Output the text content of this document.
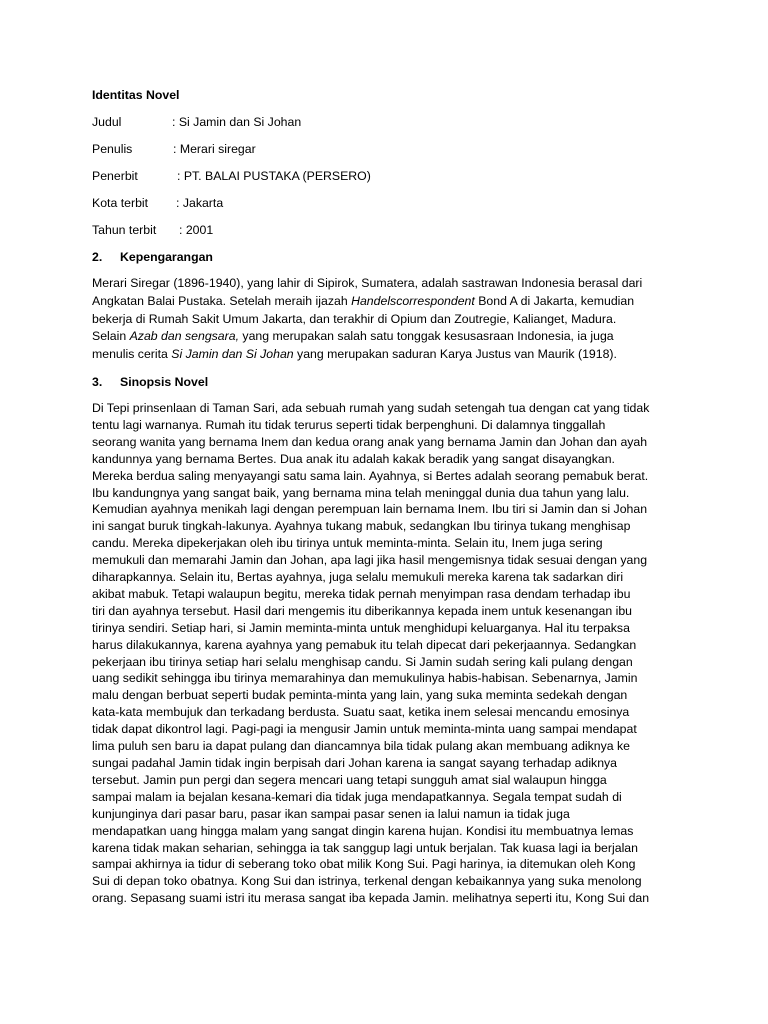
Identitas Novel
Judul	: Si Jamin dan Si Johan
Penulis	: Merari siregar
Penerbit	: PT. BALAI PUSTAKA (PERSERO)
Kota terbit	: Jakarta
Tahun terbit	: 2001
2.	Kepengarangan
Merari Siregar (1896-1940), yang lahir di Sipirok, Sumatera, adalah sastrawan Indonesia berasal dari
Angkatan Balai Pustaka. Setelah meraih ijazah Handelscorrespondent Bond A di Jakarta, kemudian
bekerja di Rumah Sakit Umum Jakarta, dan terakhir di Opium dan Zoutregie, Kalianget, Madura.
Selain Azab dan sengsara, yang merupakan salah satu tonggak kesusasraan Indonesia, ia juga
menulis cerita Si Jamin dan Si Johan yang merupakan saduran Karya Justus van Maurik (1918).
3.	Sinopsis Novel
Di Tepi prinsenlaan di Taman Sari, ada sebuah rumah yang sudah setengah tua dengan cat yang tidak
tentu lagi warnanya. Rumah itu tidak terurus seperti tidak berpenghuni. Di dalamnya tinggallah
seorang wanita yang bernama Inem dan kedua orang anak yang bernama Jamin dan Johan dan ayah
kandunnya yang bernama Bertes. Dua anak itu adalah kakak beradik yang sangat disayangkan.
Mereka berdua saling menyayangi satu sama lain. Ayahnya, si Bertes adalah seorang pemabuk berat.
Ibu kandungnya yang sangat baik, yang bernama mina telah meninggal dunia dua tahun yang lalu.
Kemudian ayahnya menikah lagi dengan perempuan lain bernama Inem. Ibu tiri si Jamin dan si Johan
ini sangat buruk tingkah-lakunya. Ayahnya tukang mabuk, sedangkan Ibu tirinya tukang menghisap
candu. Mereka dipekerjakan oleh ibu tirinya untuk meminta-minta. Selain itu, Inem juga sering
memukuli dan memarahi Jamin dan Johan, apa lagi jika hasil mengemisnya tidak sesuai dengan yang
diharapkannya. Selain itu, Bertas ayahnya, juga selalu memukuli mereka karena tak sadarkan diri
akibat mabuk. Tetapi walaupun begitu, mereka tidak pernah menyimpan rasa dendam terhadap ibu
tiri dan ayahnya tersebut. Hasil dari mengemis itu diberikannya kepada inem untuk kesenangan ibu
tirinya sendiri. Setiap hari, si Jamin meminta-minta untuk menghidupi keluarganya. Hal itu terpaksa
harus dilakukannya, karena ayahnya yang pemabuk itu telah dipecat dari pekerjaannya. Sedangkan
pekerjaan ibu tirinya setiap hari selalu menghisap candu. Si Jamin sudah sering kali pulang dengan
uang sedikit sehingga ibu tirinya memarahinya dan memukulinya habis-habisan. Sebenarnya, Jamin
malu dengan berbuat seperti budak peminta-minta yang lain, yang suka meminta sedekah dengan
kata-kata membujuk dan terkadang berdusta. Suatu saat, ketika inem selesai mencandu emosinya
tidak dapat dikontrol lagi. Pagi-pagi ia mengusir Jamin untuk meminta-minta uang sampai mendapat
lima puluh sen baru ia dapat pulang dan diancamnya bila tidak pulang akan membuang adiknya ke
sungai padahal Jamin tidak ingin berpisah dari Johan karena ia sangat sayang terhadap adiknya
tersebut. Jamin pun pergi dan segera mencari uang tetapi sungguh amat sial walaupun hingga
sampai malam ia bejalan kesana-kemari dia tidak juga mendapatkannya. Segala tempat sudah di
kunjunginya dari pasar baru, pasar ikan sampai pasar senen ia lalui namun ia tidak juga
mendapatkan uang hingga malam yang sangat dingin karena hujan. Kondisi itu membuatnya lemas
karena tidak makan seharian, sehingga ia tak sanggup lagi untuk berjalan. Tak kuasa lagi ia berjalan
sampai akhirnya ia tidur di seberang toko obat milik Kong Sui. Pagi harinya, ia ditemukan oleh Kong
Sui di depan toko obatnya. Kong Sui dan istrinya, terkenal dengan kebaikannya yang suka menolong
orang. Sepasang suami istri itu merasa sangat iba kepada Jamin. melihatnya seperti itu, Kong Sui dan
